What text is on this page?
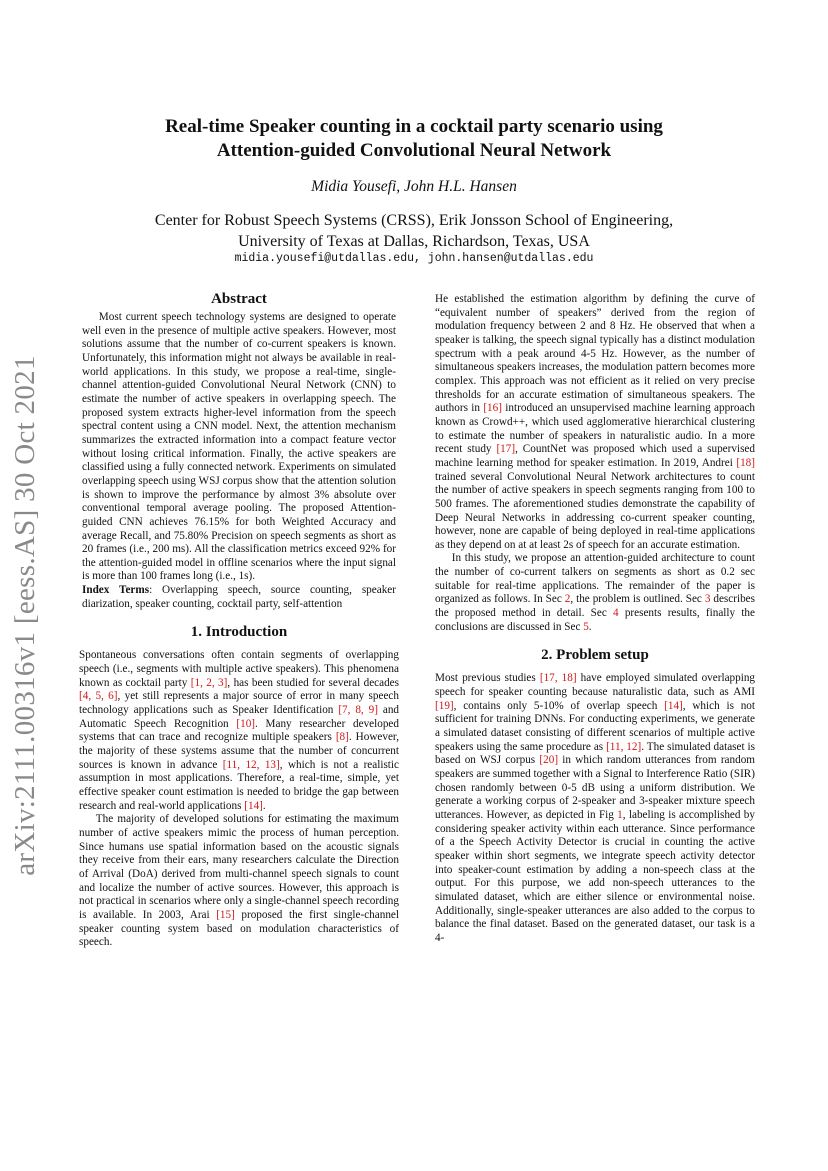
arXiv:2111.00316v1 [eess.AS] 30 Oct 2021
Real-time Speaker counting in a cocktail party scenario using
Attention-guided Convolutional Neural Network
Midia Yousefi, John H.L. Hansen
Center for Robust Speech Systems (CRSS), Erik Jonsson School of Engineering,
University of Texas at Dallas, Richardson, Texas, USA
midia.yousefi@utdallas.edu, john.hansen@utdallas.edu
Abstract

Most current speech technology systems are designed to operate well even in the presence of multiple active speakers. However, most solutions assume that the number of co-current speakers is known. Unfortunately, this information might not always be available in real-world applications. In this study, we propose a real-time, single-channel attention-guided Convolutional Neural Network (CNN) to estimate the number of active speakers in overlapping speech. The proposed system extracts higher-level information from the speech spectral content using a CNN model. Next, the attention mechanism summarizes the extracted information into a compact feature vector without losing critical information. Finally, the active speakers are classified using a fully connected network. Experiments on simulated overlapping speech using WSJ corpus show that the attention solution is shown to improve the performance by almost 3% absolute over conventional temporal average pooling. The proposed Attention-guided CNN achieves 76.15% for both Weighted Accuracy and average Recall, and 75.80% Precision on speech segments as short as 20 frames (i.e., 200 ms). All the classification metrics exceed 92% for the attention-guided model in offline scenarios where the input signal is more than 100 frames long (i.e., 1s).

Index Terms: Overlapping speech, source counting, speaker diarization, speaker counting, cocktail party, self-attention

1. Introduction

Spontaneous conversations often contain segments of overlapping speech (i.e., segments with multiple active speakers). This phenomena known as cocktail party [1, 2, 3], has been studied for several decades [4, 5, 6], yet still represents a major source of error in many speech technology applications such as Speaker Identification [7, 8, 9] and Automatic Speech Recognition [10]. Many researcher developed systems that can trace and recognize multiple speakers [8]. However, the majority of these systems assume that the number of concurrent sources is known in advance [11, 12, 13], which is not a realistic assumption in most applications. Therefore, a real-time, simple, yet effective speaker count estimation is needed to bridge the gap between research and real-world applications [14].

The majority of developed solutions for estimating the maximum number of active speakers mimic the process of human perception. Since humans use spatial information based on the acoustic signals they receive from their ears, many researchers calculate the Direction of Arrival (DoA) derived from multi-channel speech signals to count and localize the number of active sources. However, this approach is not practical in scenarios where only a single-channel speech recording is available. In 2003, Arai [15] proposed the first single-channel speaker counting system based on modulation characteristics of speech.

He established the estimation algorithm by defining the curve of “equivalent number of speakers” derived from the region of modulation frequency between 2 and 8 Hz. He observed that when a speaker is talking, the speech signal typically has a distinct modulation spectrum with a peak around 4-5 Hz. However, as the number of simultaneous speakers increases, the modulation pattern becomes more complex. This approach was not efficient as it relied on very precise thresholds for an accurate estimation of simultaneous speakers. The authors in [16] introduced an unsupervised machine learning approach known as Crowd++, which used agglomerative hierarchical clustering to estimate the number of speakers in naturalistic audio. In a more recent study [17], CountNet was proposed which used a supervised machine learning method for speaker estimation. In 2019, Andrei [18] trained several Convolutional Neural Network architectures to count the number of active speakers in speech segments ranging from 100 to 500 frames. The aforementioned studies demonstrate the capability of Deep Neural Networks in addressing co-current speaker counting, however, none are capable of being deployed in real-time applications as they depend on at at least 2s of speech for an accurate estimation.

In this study, we propose an attention-guided architecture to count the number of co-current talkers on segments as short as 0.2 sec suitable for real-time applications. The remainder of the paper is organized as follows. In Sec 2, the problem is outlined. Sec 3 describes the proposed method in detail. Sec 4 presents results, finally the conclusions are discussed in Sec 5.

2. Problem setup

Most previous studies [17, 18] have employed simulated overlapping speech for speaker counting because naturalistic data, such as AMI [19], contains only 5-10% of overlap speech [14], which is not sufficient for training DNNs. For conducting experiments, we generate a simulated dataset consisting of different scenarios of multiple active speakers using the same procedure as [11, 12]. The simulated dataset is based on WSJ corpus [20] in which random utterances from random speakers are summed together with a Signal to Interference Ratio (SIR) chosen randomly between 0-5 dB using a uniform distribution. We generate a working corpus of 2-speaker and 3-speaker mixture speech utterances. However, as depicted in Fig 1, labeling is accomplished by considering speaker activity within each utterance. Since performance of a the Speech Activity Detector is crucial in counting the active speaker within short segments, we integrate speech activity detector into speaker-count estimation by adding a non-speech class at the output. For this purpose, we add non-speech utterances to the simulated dataset, which are either silence or environmental noise. Additionally, single-speaker utterances are also added to the corpus to balance the final dataset. Based on the generated dataset, our task is a 4-
